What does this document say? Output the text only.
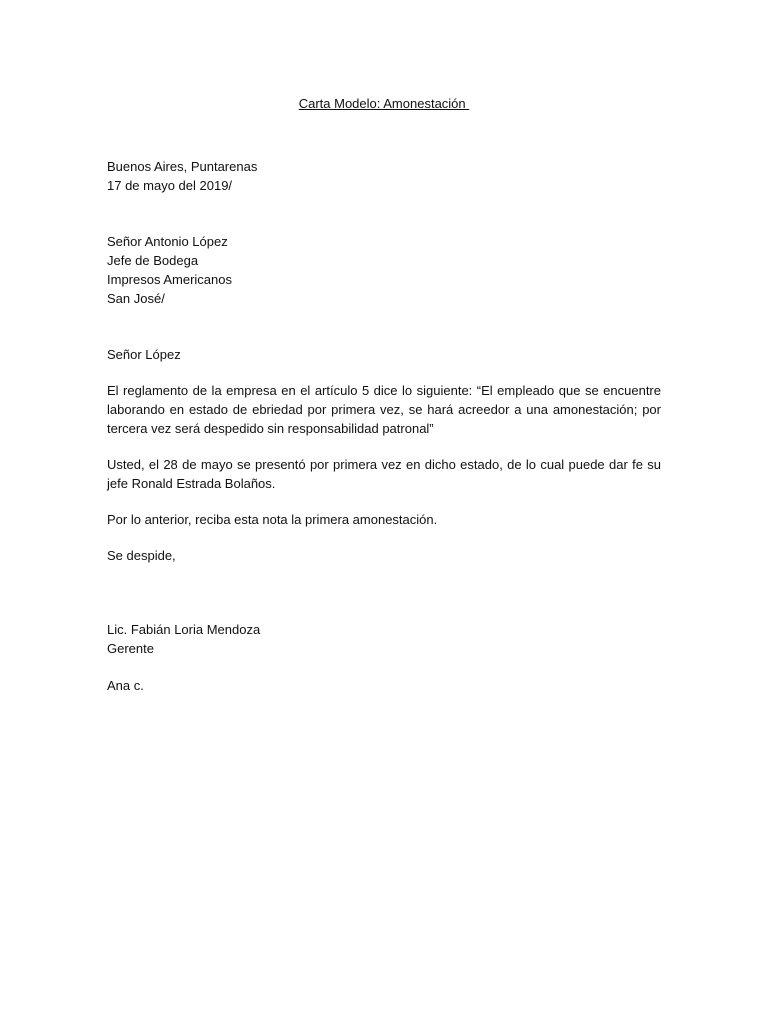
Carta Modelo: Amonestación
Buenos Aires, Puntarenas
17 de mayo del 2019/
Señor Antonio López
Jefe de Bodega
Impresos Americanos
San José/
Señor López
El reglamento de la empresa en el artículo 5 dice lo siguiente: “El empleado que se encuentre laborando en estado de ebriedad por primera vez, se hará acreedor a una amonestación; por tercera vez será despedido sin responsabilidad patronal”
Usted, el 28 de mayo se presentó por primera vez en dicho estado, de lo cual puede dar fe su jefe Ronald Estrada Bolaños.
Por lo anterior, reciba esta nota la primera amonestación.
Se despide,
Lic. Fabián Loria Mendoza
Gerente
Ana c.
